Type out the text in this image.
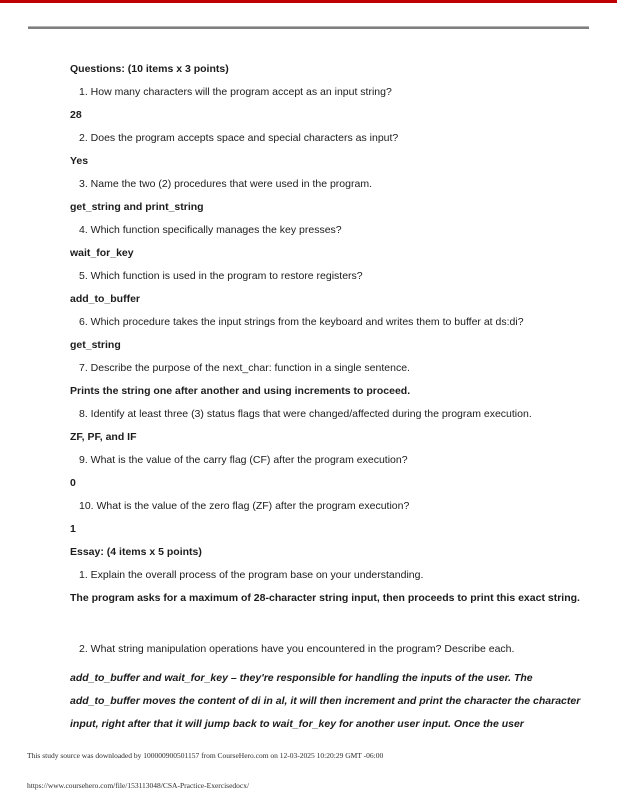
Questions: (10 items x 3 points)

1. How many characters will the program accept as an input string?

28

2. Does the program accepts space and special characters as input?

Yes

3. Name the two (2) procedures that were used in the program.

get_string and print_string

4. Which function specifically manages the key presses?

wait_for_key

5. Which function is used in the program to restore registers?

add_to_buffer

6. Which procedure takes the input strings from the keyboard and writes them to buffer at ds:di?

get_string

7. Describe the purpose of the next_char: function in a single sentence.

Prints the string one after another and using increments to proceed.

8. Identify at least three (3) status flags that were changed/affected during the program execution.

ZF, PF, and IF

9. What is the value of the carry flag (CF) after the program execution?

0

10. What is the value of the zero flag (ZF) after the program execution?

1

Essay: (4 items x 5 points)

1. Explain the overall process of the program base on your understanding.

The program asks for a maximum of 28-character string input, then proceeds to print this exact string.

2. What string manipulation operations have you encountered in the program? Describe each.

add_to_buffer and wait_for_key – they're responsible for handling the inputs of the user. The add_to_buffer moves the content of di in al, it will then increment and print the character the character input, right after that it will jump back to wait_for_key for another user input. Once the user

This study source was downloaded by 100000900501157 from CourseHero.com on 12-03-2025 10:20:29 GMT -06:00

https://www.coursehero.com/file/153113048/CSA-Practice-Exercisedocx/
